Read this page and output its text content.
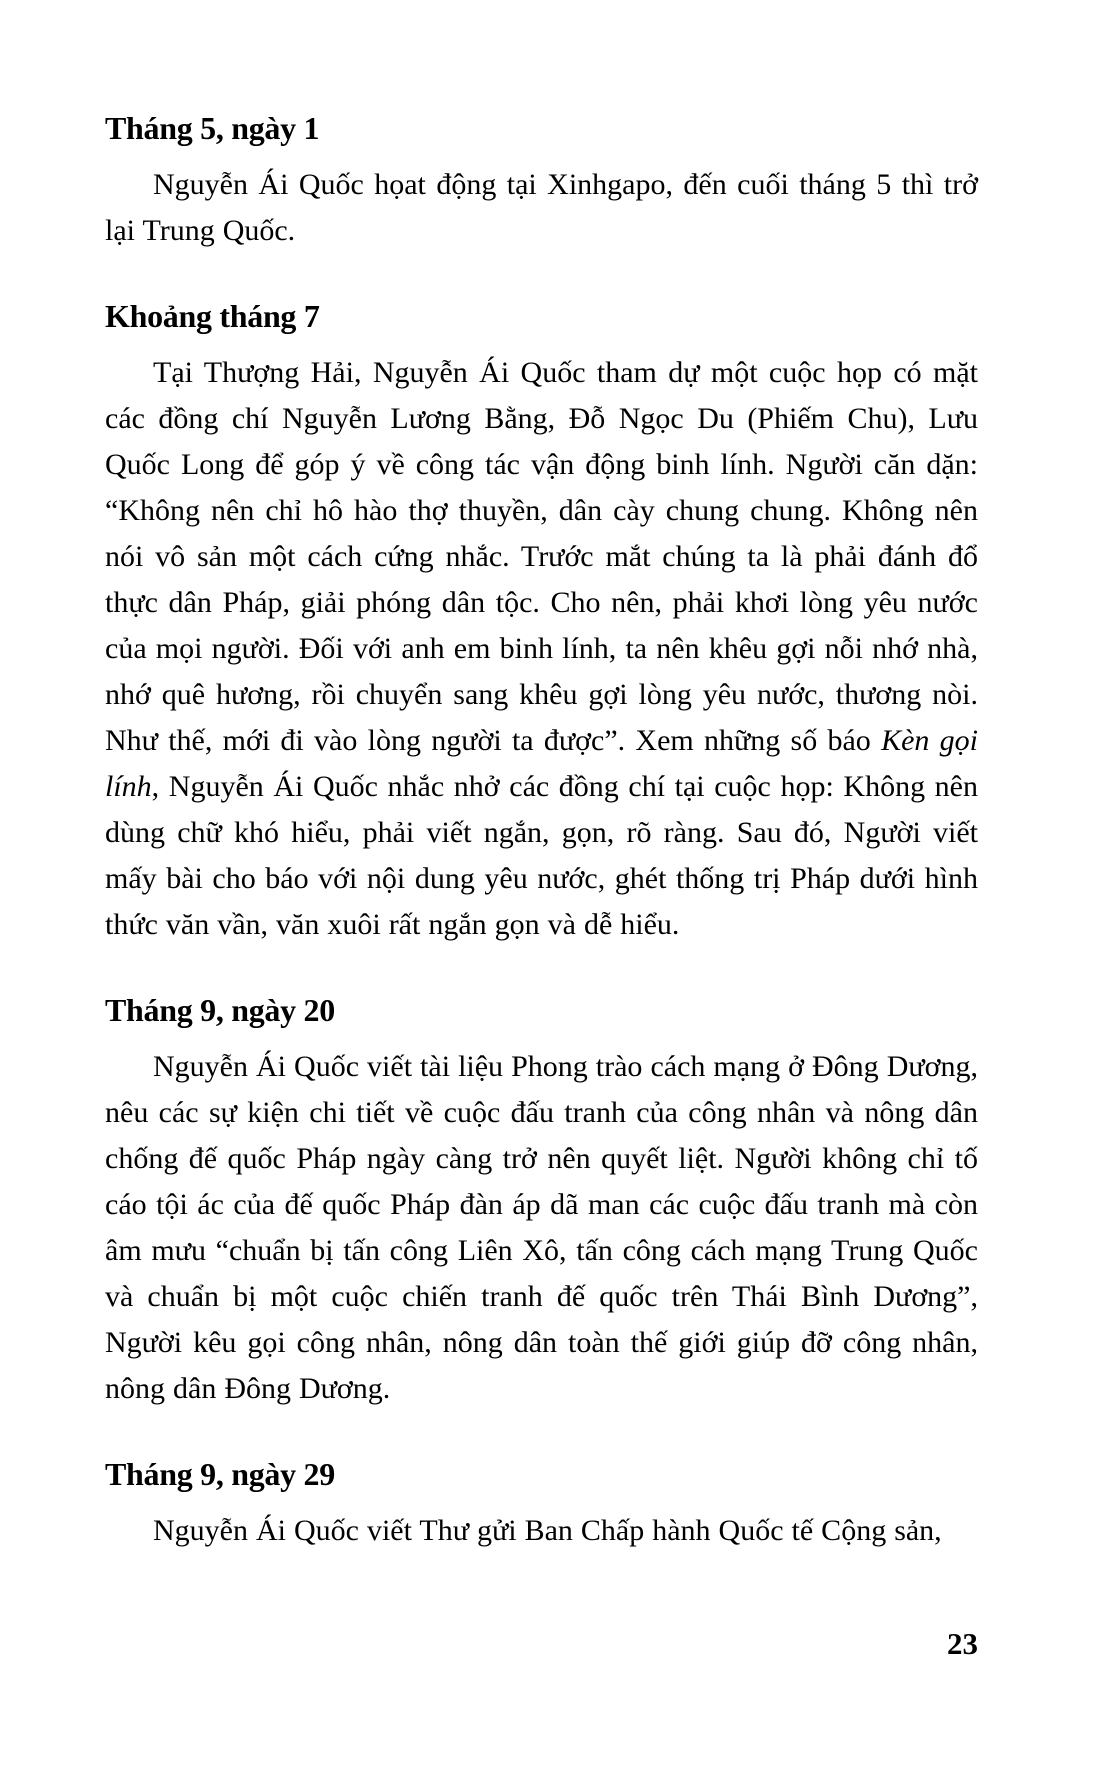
Tháng 5, ngày 1

Nguyễn Ái Quốc họat động tại Xinhgapo, đến cuối tháng 5 thì trở lại Trung Quốc.

Khoảng tháng 7

Tại Thượng Hải, Nguyễn Ái Quốc tham dự một cuộc họp có mặt các đồng chí Nguyễn Lương Bằng, Đỗ Ngọc Du (Phiếm Chu), Lưu Quốc Long để góp ý về công tác vận động binh lính. Người căn dặn: “Không nên chỉ hô hào thợ thuyền, dân cày chung chung. Không nên nói vô sản một cách cứng nhắc. Trước mắt chúng ta là phải đánh đổ thực dân Pháp, giải phóng dân tộc. Cho nên, phải khơi lòng yêu nước của mọi người. Đối với anh em binh lính, ta nên khêu gợi nỗi nhớ nhà, nhớ quê hương, rồi chuyển sang khêu gợi lòng yêu nước, thương nòi. Như thế, mới đi vào lòng người ta được”. Xem những số báo Kèn gọi lính, Nguyễn Ái Quốc nhắc nhở các đồng chí tại cuộc họp: Không nên dùng chữ khó hiểu, phải viết ngắn, gọn, rõ ràng. Sau đó, Người viết mấy bài cho báo với nội dung yêu nước, ghét thống trị Pháp dưới hình thức văn vần, văn xuôi rất ngắn gọn và dễ hiểu.

Tháng 9, ngày 20

Nguyễn Ái Quốc viết tài liệu Phong trào cách mạng ở Đông Dương, nêu các sự kiện chi tiết về cuộc đấu tranh của công nhân và nông dân chống đế quốc Pháp ngày càng trở nên quyết liệt. Người không chỉ tố cáo tội ác của đế quốc Pháp đàn áp dã man các cuộc đấu tranh mà còn âm mưu “chuẩn bị tấn công Liên Xô, tấn công cách mạng Trung Quốc và chuẩn bị một cuộc chiến tranh đế quốc trên Thái Bình Dương”, Người kêu gọi công nhân, nông dân toàn thế giới giúp đỡ công nhân, nông dân Đông Dương.

Tháng 9, ngày 29

Nguyễn Ái Quốc viết Thư gửi Ban Chấp hành Quốc tế Cộng sản,

23
